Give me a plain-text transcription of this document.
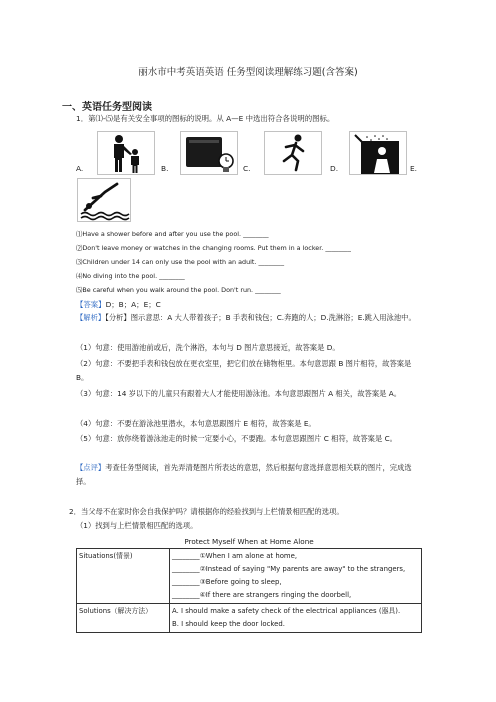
丽水市中考英语英语 任务型阅读理解练习题(含答案)
一、英语任务型阅读
1．第⑴-⑸是有关安全事项的图标的说明。从 A—E 中选出符合各说明的图标。
A.	B.	C.	D.	E.
⑴Have a shower before and after you use the pool. ________
⑵Don't leave money or watches in the changing rooms. Put them in a locker. ________
⑶Children under 14 can only use the pool with an adult. ________
⑷No diving into the pool. ________
⑸Be careful when you walk around the pool. Don't run. ________
【答案】D；B；A；E；C
【解析】【分析】图示意思：A 大人带着孩子；B 手表和钱包；C.奔跑的人；D.洗淋浴；E.跳入用泳池中。
（1）句意：使用游池前或后，洗个淋浴，本句与 D 图片意思接近，故答案是 D。
（2）句意：不要把手表和钱包放在更衣室里，把它们放在储物柜里。本句意思跟 B 图片相符，故答案是 B。
（3）句意：14 岁以下的儿童只有跟着大人才能使用游泳池。本句意思跟图片 A 相关，故答案是 A。
（4）句意：不要在游泳池里潜水，本句意思跟图片 E 相符，故答案是 E。
（5）句意：放你绕着游泳池走的时候一定要小心，不要跑。本句意思跟图片 C 相符，故答案是 C。
【点评】考查任务型阅读，首先弄清楚图片所表达的意思，然后根据句意选择意思相关联的图片，完成选择。
2．当父母不在家时你会自我保护吗？请根据你的经验找到与上栏情景相匹配的选项。
（1）找到与上栏情景相匹配的选项。
Protect Myself When at Home Alone
Situations(情景)	________①When I am alone at home,
________②Instead of saying "My parents are away" to the strangers,
________③Before going to sleep,
________④If there are strangers ringing the doorbell,

Solutions（解决方法）	A. I should make a safety check of the electrical appliances (器具).
B. I should keep the door locked.
